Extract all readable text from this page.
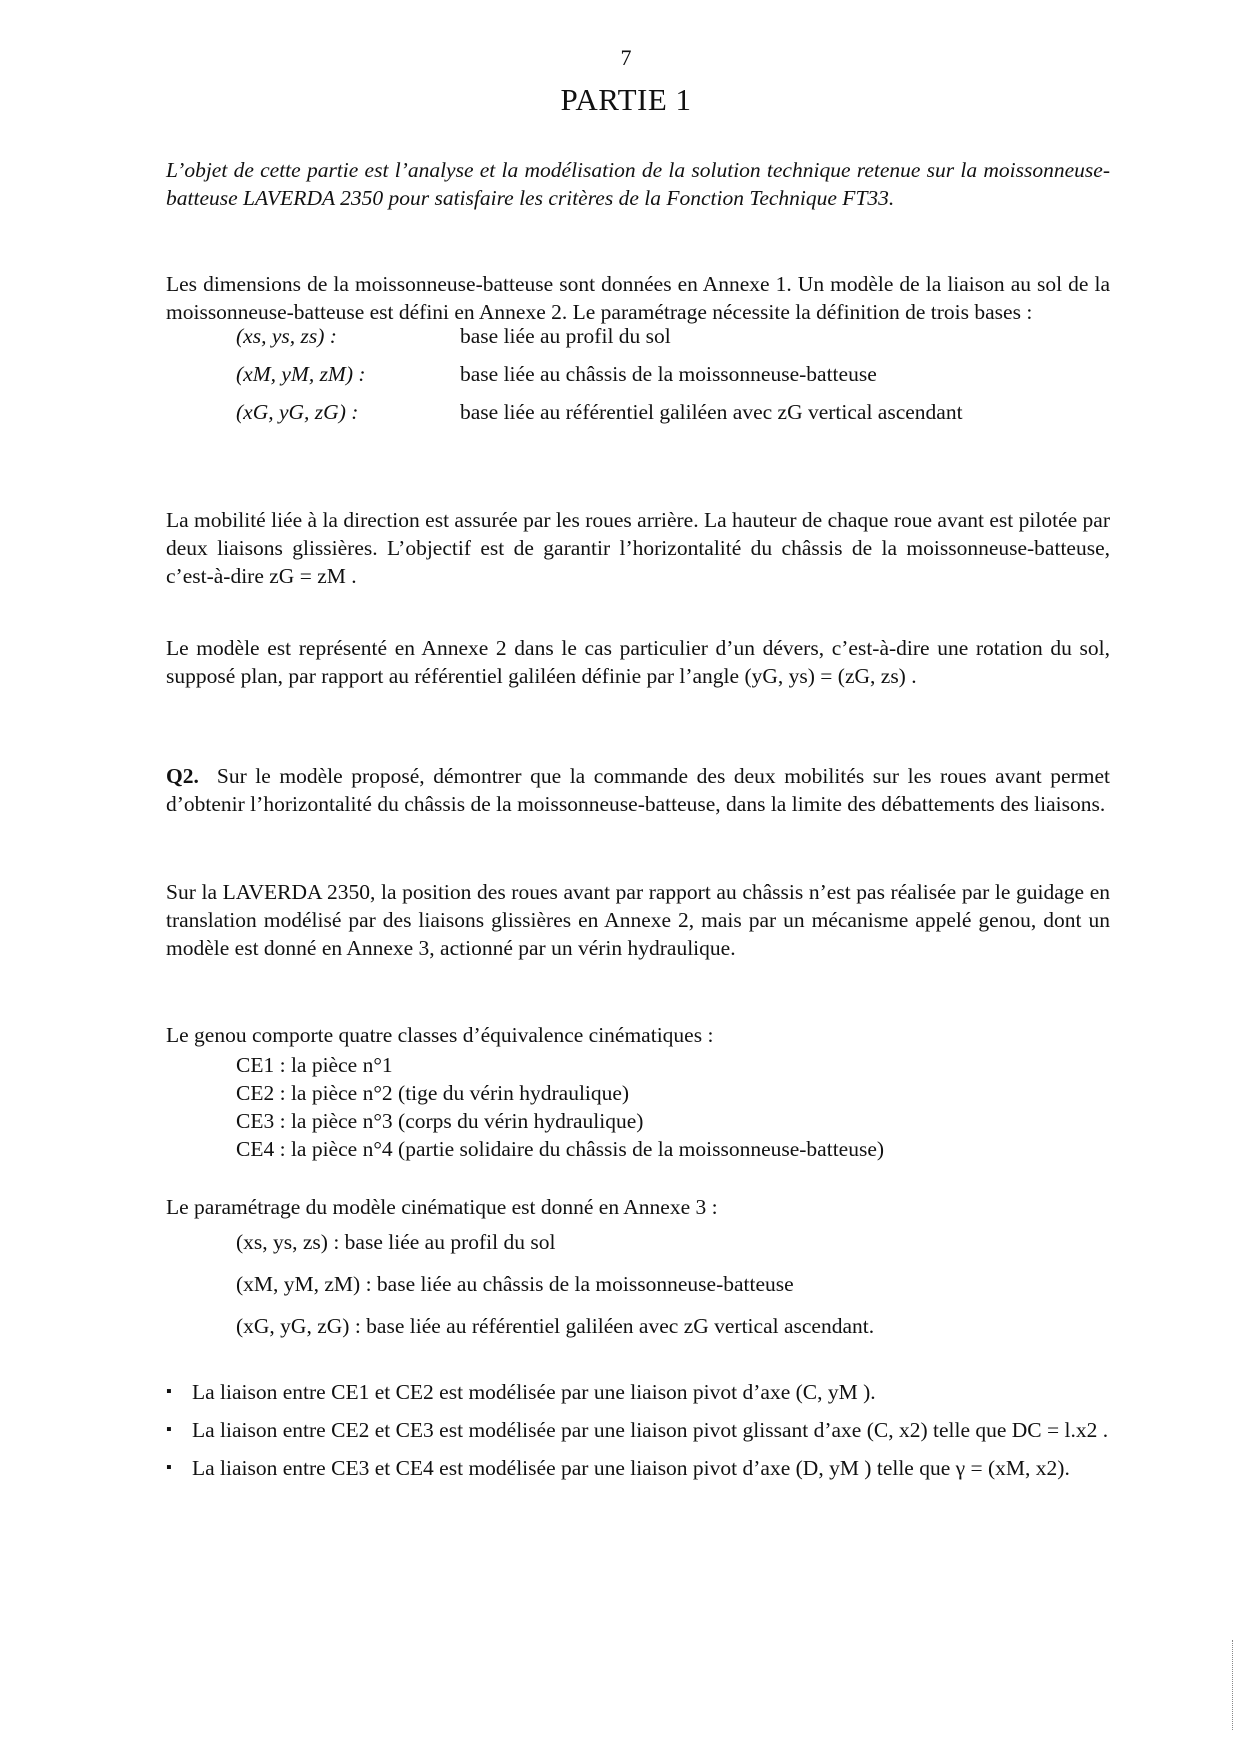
7
PARTIE 1

L’objet de cette partie est l’analyse et la modélisation de la solution technique retenue sur la moissonneuse-batteuse LAVERDA 2350 pour satisfaire les critères de la Fonction Technique FT33.

Les dimensions de la moissonneuse-batteuse sont données en Annexe 1. Un modèle de la liaison au sol de la moissonneuse-batteuse est défini en Annexe 2. Le paramétrage nécessite la définition de trois bases :

(xs, ys, zs) :	base liée au profil du sol
(xM, yM, zM) :	base liée au châssis de la moissonneuse-batteuse
(xG, yG, zG) :	base liée au référentiel galiléen avec zG vertical ascendant

La mobilité liée à la direction est assurée par les roues arrière. La hauteur de chaque roue avant est pilotée par deux liaisons glissières. L’objectif est de garantir l’horizontalité du châssis de la moissonneuse-batteuse, c’est-à-dire zG = zM .

Le modèle est représenté en Annexe 2 dans le cas particulier d’un dévers, c’est-à-dire une rotation du sol, supposé plan, par rapport au référentiel galiléen définie par l’angle (yG, ys) = (zG, zs) .

Q2. Sur le modèle proposé, démontrer que la commande des deux mobilités sur les roues avant permet d’obtenir l’horizontalité du châssis de la moissonneuse-batteuse, dans la limite des débattements des liaisons.

Sur la LAVERDA 2350, la position des roues avant par rapport au châssis n’est pas réalisée par le guidage en translation modélisé par des liaisons glissières en Annexe 2, mais par un mécanisme appelé genou, dont un modèle est donné en Annexe 3, actionné par un vérin hydraulique.

Le genou comporte quatre classes d’équivalence cinématiques :

CE1 : la pièce n°1
CE2 : la pièce n°2 (tige du vérin hydraulique)
CE3 : la pièce n°3 (corps du vérin hydraulique)
CE4 : la pièce n°4 (partie solidaire du châssis de la moissonneuse-batteuse)

Le paramétrage du modèle cinématique est donné en Annexe 3 :

(xs, ys, zs) : base liée au profil du sol
(xM, yM, zM) : base liée au châssis de la moissonneuse-batteuse
(xG, yG, zG) : base liée au référentiel galiléen avec zG vertical ascendant.
▪ La liaison entre CE1 et CE2 est modélisée par une liaison pivot d’axe (C, yM ).
▪ La liaison entre CE2 et CE3 est modélisée par une liaison pivot glissant d’axe (C, x2) telle que DC = l.x2 .
▪ La liaison entre CE3 et CE4 est modélisée par une liaison pivot d’axe (D, yM ) telle que γ = (xM, x2).
